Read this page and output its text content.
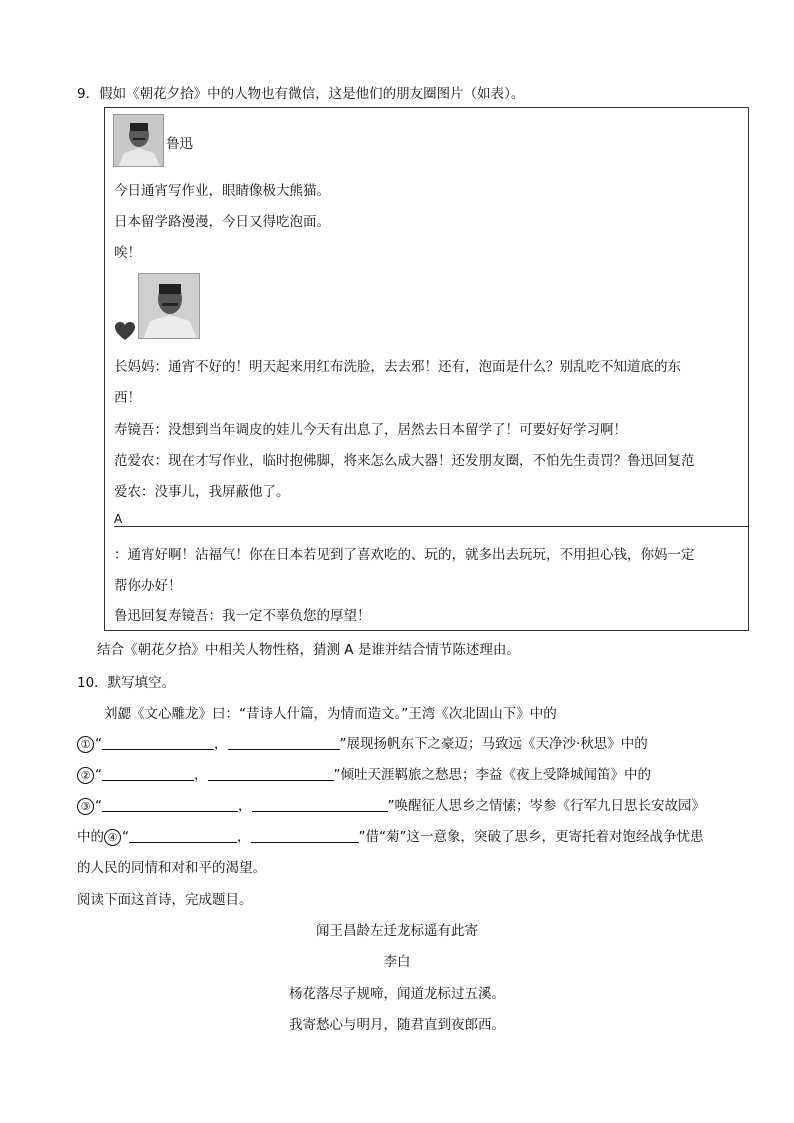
9．假如《朝花夕拾》中的人物也有微信，这是他们的朋友圈图片（如表）。
鲁迅
今日通宵写作业，眼睛像极大熊猫。
日本留学路漫漫，今日又得吃泡面。
唉！
长妈妈：通宵不好的！明天起来用红布洗脸，去去邪！还有，泡面是什么？别乱吃不知道底的东
西！
寿镜吾：没想到当年调皮的娃儿今天有出息了，居然去日本留学了！可要好好学习啊！
范爱农：现在才写作业，临时抱佛脚，将来怎么成大器！还发朋友圈，不怕先生责罚？鲁迅回复范
爱农：没事儿，我屏蔽他了。
A
：通宵好啊！沾福气！你在日本若见到了喜欢吃的、玩的，就多出去玩玩，不用担心钱，你妈一定
帮你办好！
鲁迅回复寿镜吾：我一定不辜负您的厚望！
结合《朝花夕拾》中相关人物性格，猜测 A 是谁并结合情节陈述理由。
10．默写填空。
刘勰《文心雕龙》曰：“昔诗人什篇，为情而造文。”王湾《次北固山下》中的
① “	，	”展现扬帆东下之豪迈；马致远《天净沙·秋思》中的
② “	，	”倾吐天涯羁旅之愁思；李益《夜上受降城闻笛》中的
③ “	，	”唤醒征人思乡之情愫；岑参《行军九日思长安故园》
中的 ④ “	，	”借“菊”这一意象，突破了思乡，更寄托着对饱经战争忧患
的人民的同情和对和平的渴望。
阅读下面这首诗，完成题目。
闻王昌龄左迁龙标遥有此寄
李白
杨花落尽子规啼，闻道龙标过五溪。
我寄愁心与明月，随君直到夜郎西。
